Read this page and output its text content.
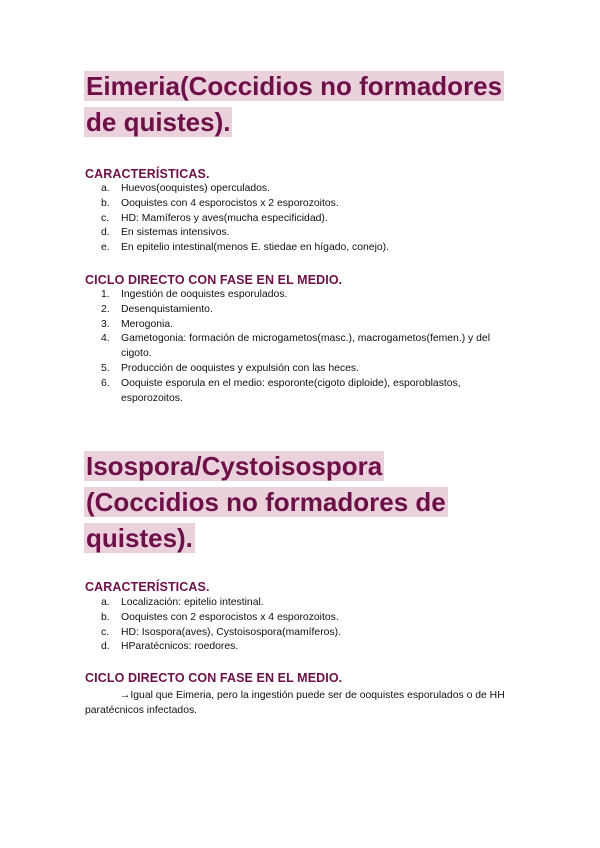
Eimeria(Coccidios no formadores
de quistes).
CARACTERÍSTICAS.
a.	Huevos(ooquistes) operculados.
b.	Ooquistes con 4 esporocistos x 2 esporozoitos.
c.	HD: Mamíferos y aves(mucha especificidad).
d.	En sistemas intensivos.
e.	En epitelio intestinal(menos E. stiedae en hígado, conejo).
CICLO DIRECTO CON FASE EN EL MEDIO.
1.	Ingestión de ooquistes esporulados.
2.	Desenquistamiento.
3.	Merogonia.
4.	Gametogonia: formación de microgametos(masc.), macrogametos(femen.) y del cigoto.
5.	Producción de ooquistes y expulsión con las heces.
6.	Ooquiste esporula en el medio: esporonte(cigoto diploide), esporoblastos, esporozoitos.
Isospora/Cystoisospora
(Coccidios no formadores de
quistes).
CARACTERÍSTICAS.
a.	Localización: epitelio intestinal.
b.	Ooquistes con 2 esporocistos x 4 esporozoitos.
c.	HD: Isospora(aves), Cystoisospora(mamíferos).
d.	HParatécnicos: roedores.
CICLO DIRECTO CON FASE EN EL MEDIO.

→Igual que Eimeria, pero la ingestión puede ser de ooquistes esporulados o de HH paratécnicos infectados.
